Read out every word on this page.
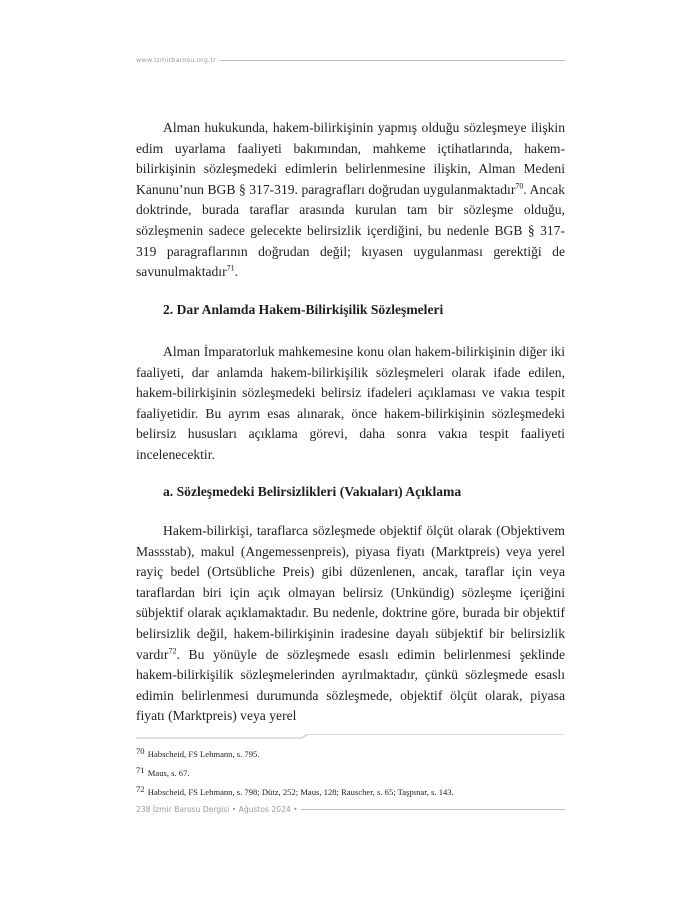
www.izmirbarosu.org.tr

Alman hukukunda, hakem-bilirkişinin yapmış olduğu sözleşmeye ilişkin edim uyarlama faaliyeti bakımından, mahkeme içtihatlarında, hakem-bilirkişinin sözleşmedeki edimlerin belirlenmesine ilişkin, Alman Medeni Kanunu’nun BGB § 317-319. paragrafları doğrudan uygulanmaktadır$^{70}$. Ancak doktrinde, burada taraflar arasında kurulan tam bir sözleşme olduğu, sözleşmenin sadece gelecekte belirsizlik içerdiğini, bu nedenle BGB § 317-319 paragraflarının doğrudan değil; kıyasen uygulanması gerektiği de savunulmaktadır$^{71}$.

2. Dar Anlamda Hakem-Bilirkişilik Sözleşmeleri

Alman İmparatorluk mahkemesine konu olan hakem-bilirkişinin diğer iki faaliyeti, dar anlamda hakem-bilirkişilik sözleşmeleri olarak ifade edilen, hakem-bilirkişinin sözleşmedeki belirsiz ifadeleri açıklaması ve vakıa tespit faaliyetidir. Bu ayrım esas alınarak, önce hakem-bilirkişinin sözleşmedeki belirsiz hususları açıklama görevi, daha sonra vakıa tespit faaliyeti incelenecektir.

a. Sözleşmedeki Belirsizlikleri (Vakıaları) Açıklama

Hakem-bilirkişi, taraflarca sözleşmede objektif ölçüt olarak (Objektivem Massstab), makul (Angemessenpreis), piyasa fiyatı (Marktpreis) veya yerel rayiç bedel (Ortsübliche Preis) gibi düzenlenen, ancak, taraflar için veya taraflardan biri için açık olmayan belirsiz (Unkündig) sözleşme içeriğini sübjektif olarak açıklamaktadır. Bu nedenle, doktrine göre, burada bir objektif belirsizlik değil, hakem-bilirkişinin iradesine dayalı sübjektif bir belirsizlik vardır$^{72}$. Bu yönüyle de sözleşmede esaslı edimin belirlenmesi şeklinde hakem-bilirkişilik sözleşmelerinden ayrılmaktadır, çünkü sözleşmede esaslı edimin belirlenmesi durumunda sözleşmede, objektif ölçüt olarak, piyasa fiyatı (Marktpreis) veya yerel

70 Habscheid, FS Lehmann, s. 795.
71 Maus, s. 67.
72 Habscheid, FS Lehmann, s. 798; Dütz, 252; Maus, 128; Rauscher, s. 65; Taşpınar, s. 143.
238 İzmir Barosu Dergisi • Ağustos 2024 •
